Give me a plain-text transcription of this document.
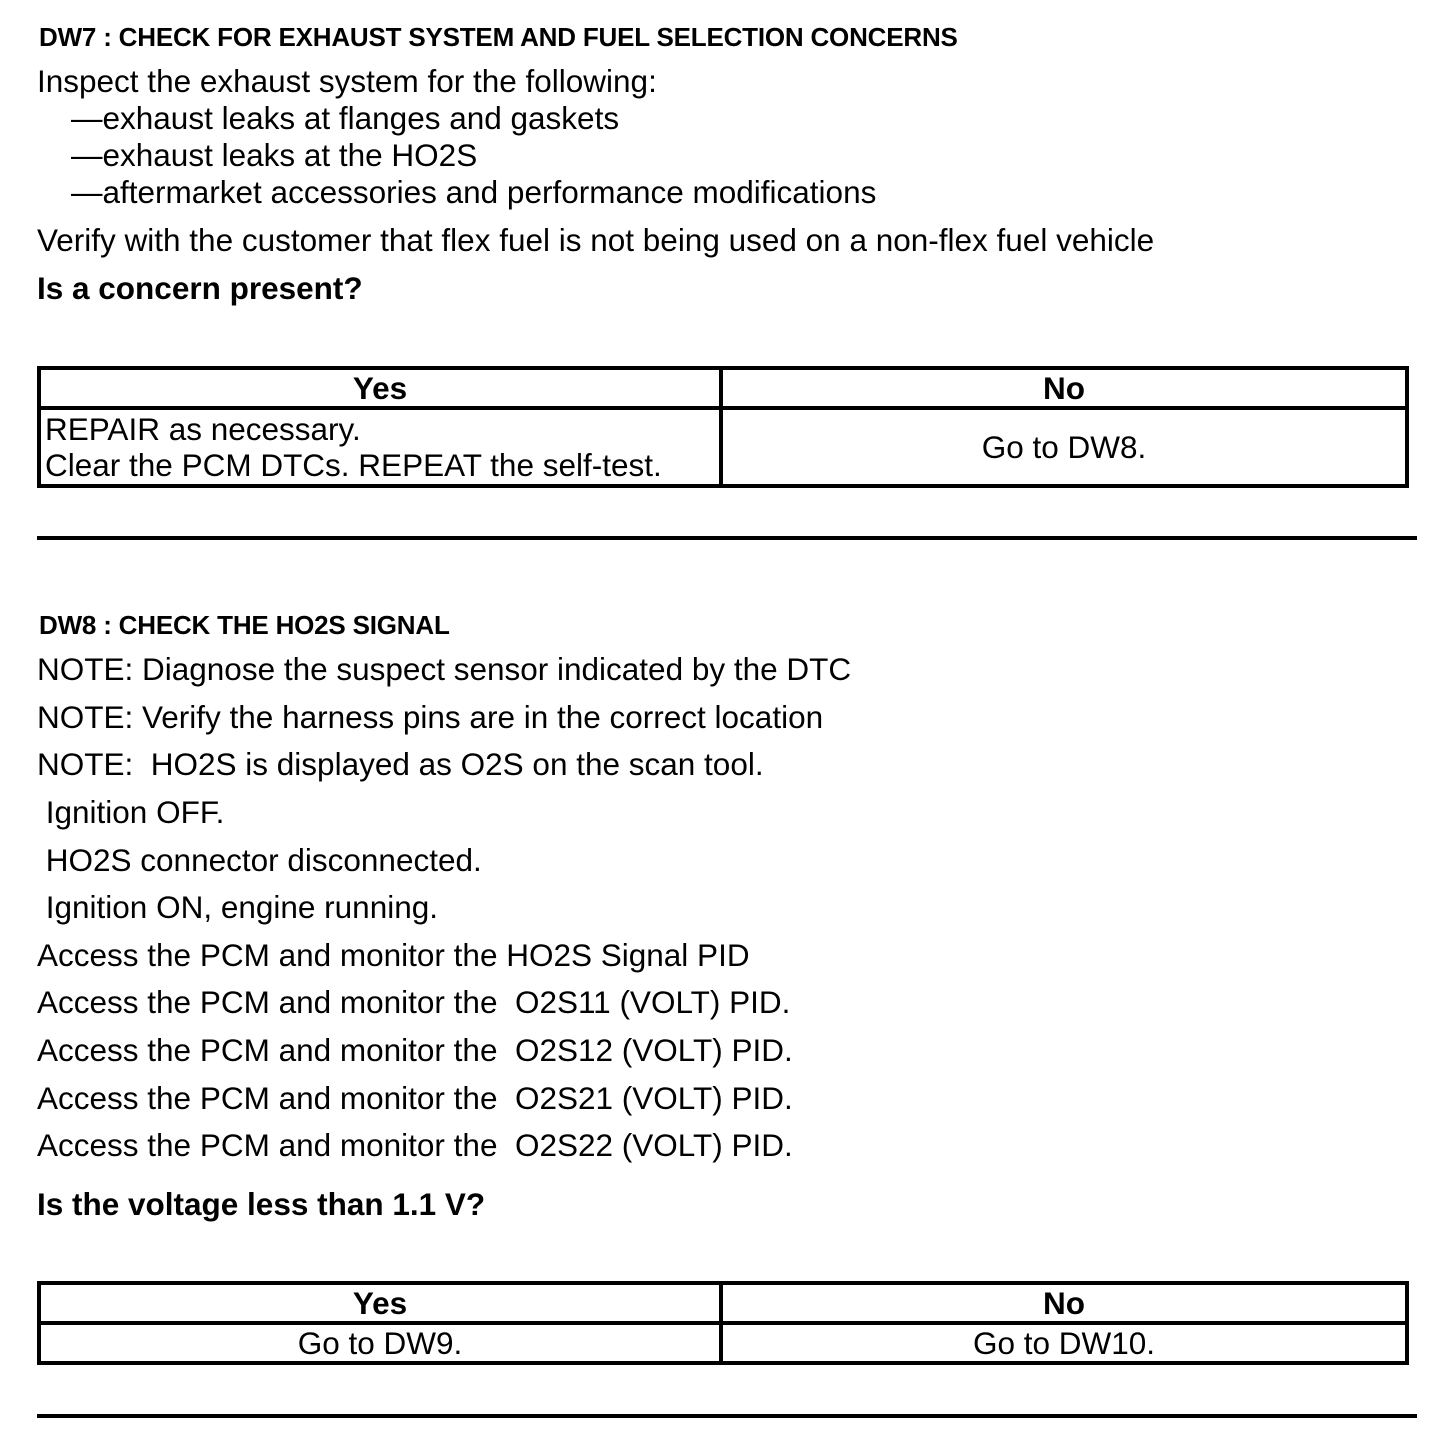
DW7 : CHECK FOR EXHAUST SYSTEM AND FUEL SELECTION CONCERNS
Inspect the exhaust system for the following:
—exhaust leaks at flanges and gaskets
—exhaust leaks at the HO2S
—aftermarket accessories and performance modifications
Verify with the customer that flex fuel is not being used on a non-flex fuel vehicle
Is a concern present?
Yes	No

REPAIR as necessary.
Clear the PCM DTCs. REPEAT the self-test.	Go to DW8.
DW8 : CHECK THE HO2S SIGNAL
NOTE: Diagnose the suspect sensor indicated by the DTC
NOTE: Verify the harness pins are in the correct location
NOTE:  HO2S is displayed as O2S on the scan tool.
Ignition OFF.
HO2S connector disconnected.
Ignition ON, engine running.
Access the PCM and monitor the HO2S Signal PID
Access the PCM and monitor the  O2S11 (VOLT) PID.
Access the PCM and monitor the  O2S12 (VOLT) PID.
Access the PCM and monitor the  O2S21 (VOLT) PID.
Access the PCM and monitor the  O2S22 (VOLT) PID.
Is the voltage less than 1.1 V?
Yes	No
Go to DW9.	Go to DW10.
